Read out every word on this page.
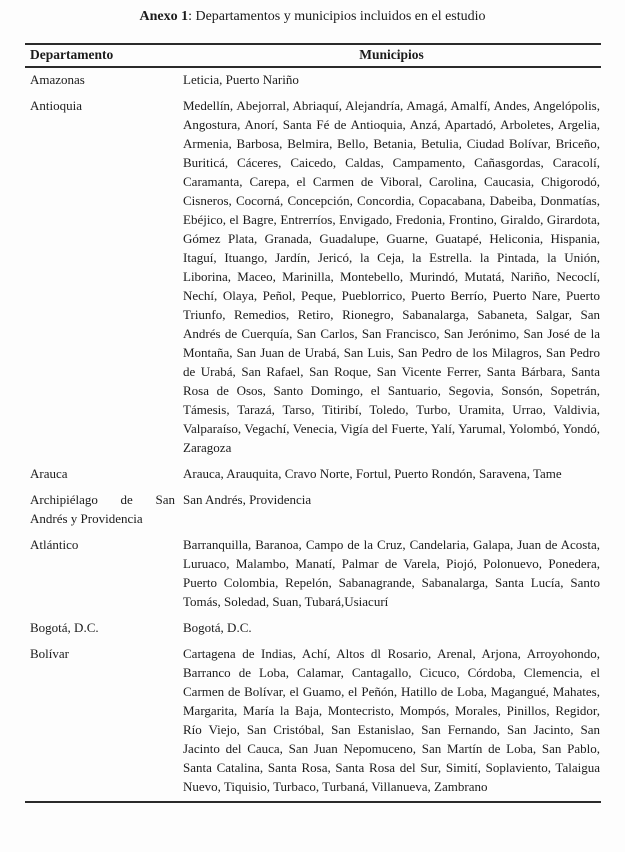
Anexo 1: Departamentos y municipios incluidos en el estudio
Departamento	Municipios
Amazonas	Leticia, Puerto Nariño
Antioquia	Medellín, Abejorral, Abriaquí, Alejandría, Amagá, Amalfí, Andes, Angelópolis, Angostura, Anorí, Santa Fé de Antioquia, Anzá, Apartadó, Arboletes, Argelia, Armenia, Barbosa, Belmira, Bello, Betania, Betulia, Ciudad Bolívar, Briceño, Buriticá, Cáceres, Caicedo, Caldas, Campamento, Cañasgordas, Caracolí, Caramanta, Carepa, el Carmen de Viboral, Carolina, Caucasia, Chigorodó, Cisneros, Cocorná, Concepción, Concordia, Copacabana, Dabeiba, Donmatías, Ebéjico, el Bagre, Entrerríos, Envigado, Fredonia, Frontino, Giraldo, Girardota, Gómez Plata, Granada, Guadalupe, Guarne, Guatapé, Heliconia, Hispania, Itaguí, Ituango, Jardín, Jericó, la Ceja, la Estrella. la Pintada, la Unión, Liborina, Maceo, Marinilla, Montebello, Murindó, Mutatá, Nariño, Necoclí, Nechí, Olaya, Peñol, Peque, Pueblorrico, Puerto Berrío, Puerto Nare, Puerto Triunfo, Remedios, Retiro, Rionegro, Sabanalarga, Sabaneta, Salgar, San Andrés de Cuerquía, San Carlos, San Francisco, San Jerónimo, San José de la Montaña, San Juan de Urabá, San Luis, San Pedro de los Milagros, San Pedro de Urabá, San Rafael, San Roque, San Vicente Ferrer, Santa Bárbara, Santa Rosa de Osos, Santo Domingo, el Santuario, Segovia, Sonsón, Sopetrán, Támesis, Tarazá, Tarso, Titiribí, Toledo, Turbo, Uramita, Urrao, Valdivia, Valparaíso, Vegachí, Venecia, Vigía del Fuerte, Yalí, Yarumal, Yolombó, Yondó, Zaragoza
Arauca	Arauca, Arauquita, Cravo Norte, Fortul, Puerto Rondón, Saravena, Tame
Archipiélago de San Andrés y Providencia	San Andrés, Providencia
Atlántico	Barranquilla, Baranoa, Campo de la Cruz, Candelaria, Galapa, Juan de Acosta, Luruaco, Malambo, Manatí, Palmar de Varela, Piojó, Polonuevo, Ponedera, Puerto Colombia, Repelón, Sabanagrande, Sabanalarga, Santa Lucía, Santo Tomás, Soledad, Suan, Tubará,Usiacurí
Bogotá, D.C.	Bogotá, D.C.
Bolívar	Cartagena de Indias, Achí, Altos dl Rosario, Arenal, Arjona, Arroyohondo, Barranco de Loba, Calamar, Cantagallo, Cicuco, Córdoba, Clemencia, el Carmen de Bolívar, el Guamo, el Peñón, Hatillo de Loba, Magangué, Mahates, Margarita, María la Baja, Montecristo, Mompós, Morales, Pinillos, Regidor, Río Viejo, San Cristóbal, San Estanislao, San Fernando, San Jacinto, San Jacinto del Cauca, San Juan Nepomuceno, San Martín de Loba, San Pablo, Santa Catalina, Santa Rosa, Santa Rosa del Sur, Simití, Soplaviento, Talaigua Nuevo, Tiquisio, Turbaco, Turbaná, Villanueva, Zambrano
